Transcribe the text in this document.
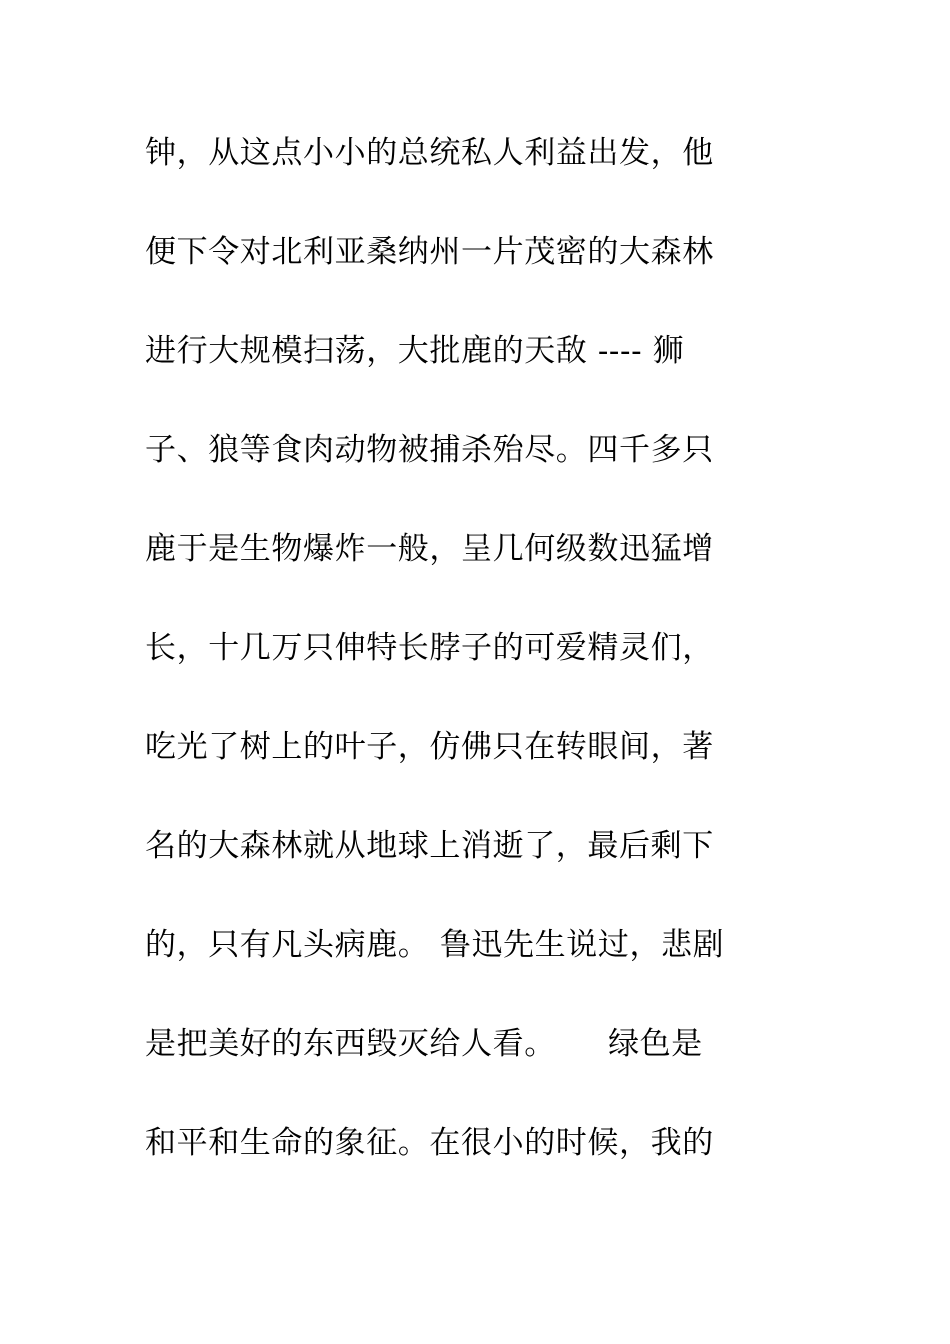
钟，从这点小小的总统私人利益出发，他
便下令对北利亚桑纳州一片茂密的大森林
进行大规模扫荡，大批鹿的天敌 ---- 狮
子、狼等食肉动物被捕杀殆尽。四千多只
鹿于是生物爆炸一般，呈几何级数迅猛增
长，十几万只伸特长脖子的可爱精灵们，
吃光了树上的叶子，仿佛只在转眼间，著
名的大森林就从地球上消逝了，最后剩下
的，只有凡头病鹿。 鲁迅先生说过，悲剧
是把美好的东西毁灭给人看。     绿色是
和平和生命的象征。在很小的时候，我的
